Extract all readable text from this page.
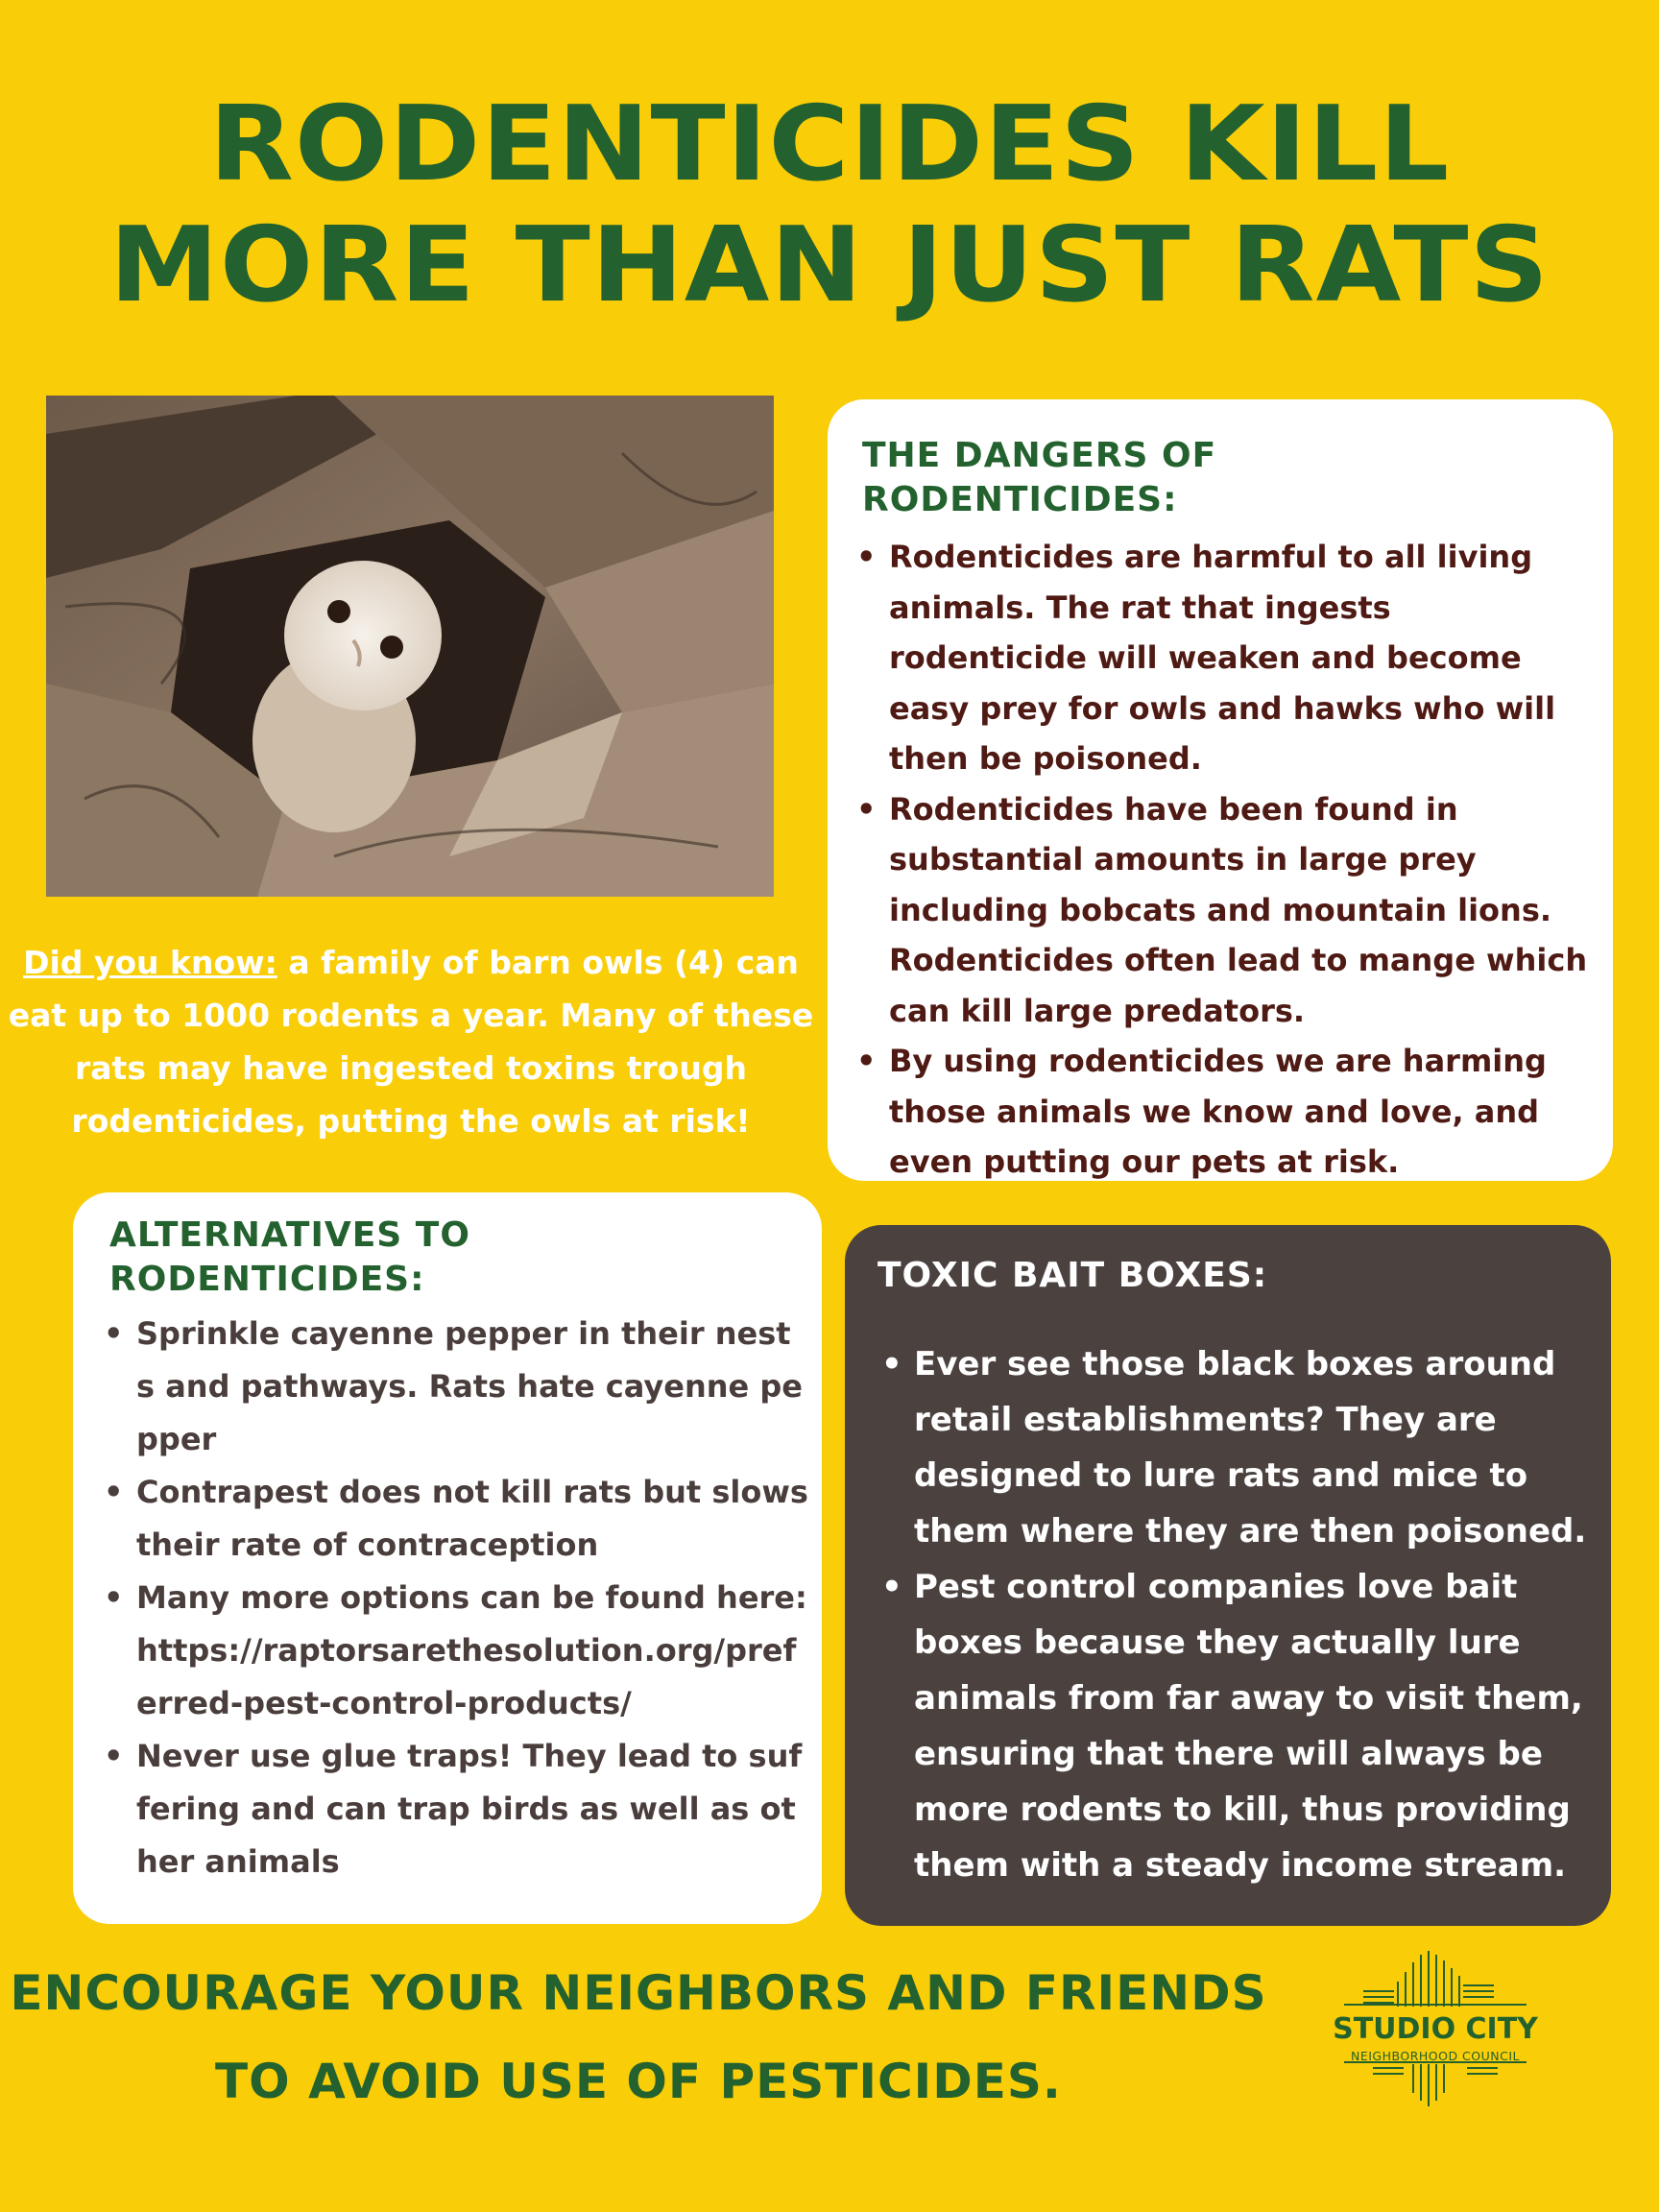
RODENTICIDES KILL
MORE THAN JUST RATS
Did you know: a family of barn owls (4) can eat up to 1000 rodents a year. Many of these rats may have ingested toxins trough rodenticides, putting the owls at risk!
THE DANGERS OF
RODENTICIDES:
• Rodenticides are harmful to all living animals. The rat that ingests rodenticide will weaken and become easy prey for owls and hawks who will then be poisoned.
• Rodenticides have been found in substantial amounts in large prey including bobcats and mountain lions. Rodenticides often lead to mange which can kill large predators.
• By using rodenticides we are harming those animals we know and love, and even putting our pets at risk.
ALTERNATIVES TO
RODENTICIDES:
• Sprinkle cayenne pepper in their nests and pathways. Rats hate cayenne pepper
• Contrapest does not kill rats but slows their rate of contraception
• Many more options can be found here: https://raptorsarethesolution.org/preferred-pest-control-products/
• Never use glue traps! They lead to suffering and can trap birds as well as other animals
TOXIC BAIT BOXES:
• Ever see those black boxes around retail establishments? They are designed to lure rats and mice to them where they are then poisoned.
• Pest control companies love bait boxes because they actually lure animals from far away to visit them, ensuring that there will always be more rodents to kill, thus providing them with a steady income stream.
ENCOURAGE YOUR NEIGHBORS AND FRIENDS
TO AVOID USE OF PESTICIDES.
STUDIO CITY
NEIGHBORHOOD COUNCIL
